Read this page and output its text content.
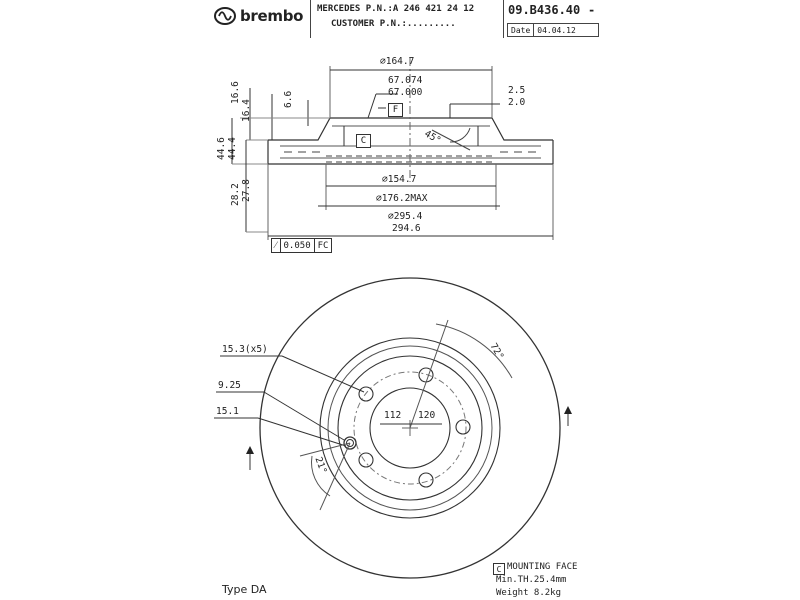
brembo MERCEDES P.N.:A 246 421 24 12
CUSTOMER P.N.:.........
09.B436.40 -
Date 04.04.12
∅164.7
67.074
67.000	2.5
2.0
F
C	45°
16.6
16.4	6.6
44.6 44.4
28.2 27.8	∅154.7
∅176.2MAX
∅295.4
294.6
⁄ 0.050 FC
15.3(x5)
9.25
15.1	112 120
72°
21°
Type DA
C MOUNTING FACE
Min.TH.25.4mm
Weight 8.2kg
